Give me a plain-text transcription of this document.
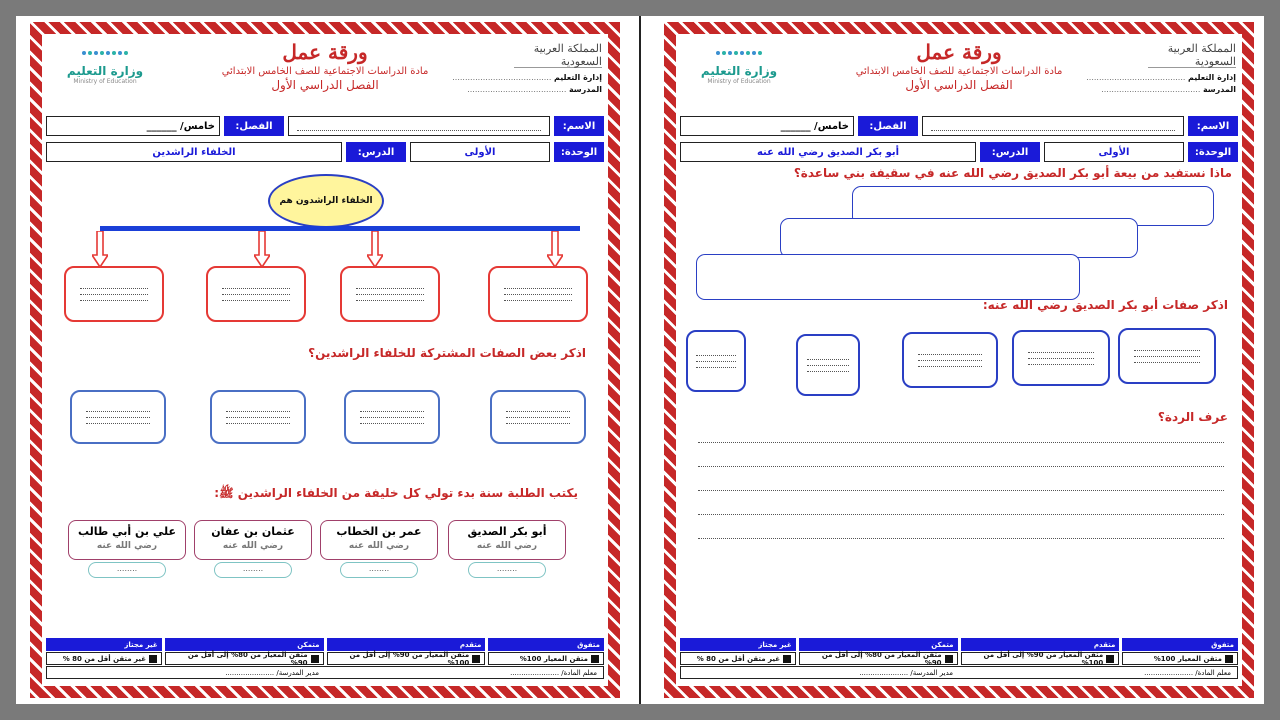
المملكة العربية السعودية
إدارة التعليم .....
المدرسة .....
ورقة عمل
مادة الدراسات الاجتماعية للصف الخامس الابتدائي
الفصل الدراسي الأول
وزارة التعليم
Ministry of Education
الاسم:
الفصل:
خامس/ ______
الوحدة:
الأولى
الدرس:
الخلفاء الراشدين
الخلفاء الراشدون هم
اذكر بعض الصفات المشتركة للخلفاء الراشدين؟
يكتب الطلبة سنة بدء تولي كل خليفة من الخلفاء الراشدين ﷺ:
أبو بكر الصديق
رضي الله عنه
عمر بن الخطاب
رضي الله عنه
عثمان بن عفان
رضي الله عنه
علي بن أبي طالب
رضي الله عنه
........
........
........
........
متفوق
متقدم
متمكن
غير مجتاز
متقن المعيار 100%
متقن المعيار من 90% إلى أقل من 100%
متقن المعيار من 80% إلى أقل من 90%
غير متقن أقل من 80 %
معلم المادة/ ......................
مدير المدرسة/ ......................
المملكة العربية السعودية
إدارة التعليم .....
المدرسة .....
ورقة عمل
مادة الدراسات الاجتماعية للصف الخامس الابتدائي
الفصل الدراسي الأول
وزارة التعليم
Ministry of Education
الاسم:
الفصل:
خامس/ ______
الوحدة:
الأولى
الدرس:
أبو بكر الصديق رضي الله عنه
ماذا نستفيد من بيعة أبو بكر الصديق رضي الله عنه في سقيفة بني ساعدة؟
اذكر صفات أبو بكر الصديق رضي الله عنه:
عرف الردة؟
متفوق
متقدم
متمكن
غير مجتاز
متقن المعيار 100%
متقن المعيار من 90% إلى أقل من 100%
متقن المعيار من 80% إلى أقل من 90%
غير متقن أقل من 80 %
معلم المادة/ ......................
مدير المدرسة/ ......................
